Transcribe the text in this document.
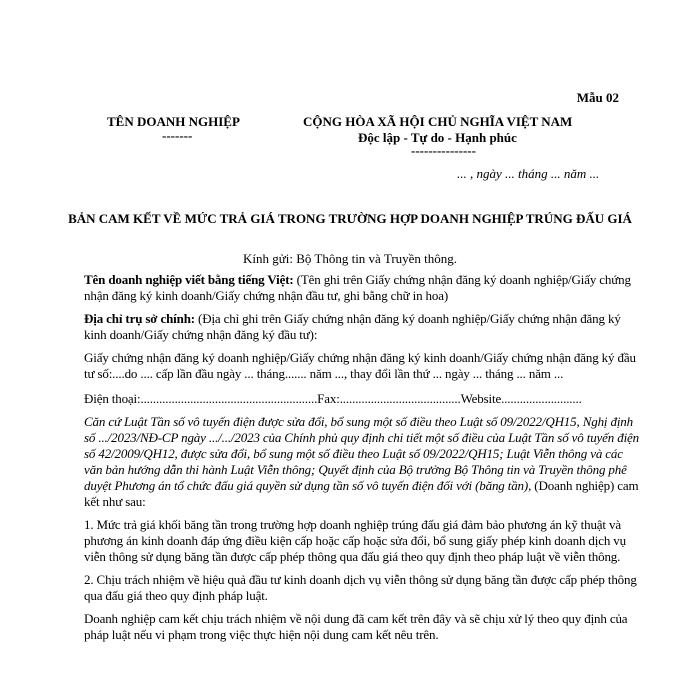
Mẫu 02
TÊN DOANH NGHIỆP
-------
CỘNG HÒA XÃ HỘI CHỦ NGHĨA VIỆT NAM
Độc lập - Tự do - Hạnh phúc
---------------
... , ngày ... tháng ... năm ...
BẢN CAM KẾT VỀ MỨC TRẢ GIÁ TRONG TRƯỜNG HỢP DOANH NGHIỆP TRÚNG ĐẤU GIÁ
Kính gửi: Bộ Thông tin và Truyền thông.

Tên doanh nghiệp viết bằng tiếng Việt: (Tên ghi trên Giấy chứng nhận đăng ký doanh nghiệp/Giấy chứng nhận đăng ký kinh doanh/Giấy chứng nhận đầu tư, ghi bằng chữ in hoa)

Địa chỉ trụ sở chính: (Địa chỉ ghi trên Giấy chứng nhận đăng ký doanh nghiệp/Giấy chứng nhận đăng ký kinh doanh/Giấy chứng nhận đăng ký đầu tư):

Giấy chứng nhận đăng ký doanh nghiệp/Giấy chứng nhận đăng ký kinh doanh/Giấy chứng nhận đăng ký đầu tư số:....do .... cấp lần đầu ngày ... tháng....... năm ..., thay đổi lần thứ ... ngày ... tháng ... năm ...

Điện thoại:.........................................................Fax:.......................................Website..........................

Căn cứ Luật Tần số vô tuyến điện được sửa đổi, bổ sung một số điều theo Luật số 09/2022/QH15, Nghị định số .../2023/NĐ-CP ngày .../.../2023 của Chính phủ quy định chi tiết một số điều của Luật Tần số vô tuyến điện số 42/2009/QH12, được sửa đổi, bổ sung một số điều theo Luật số 09/2022/QH15; Luật Viễn thông và các văn bản hướng dẫn thi hành Luật Viễn thông; Quyết định của Bộ trưởng Bộ Thông tin và Truyền thông phê duyệt Phương án tổ chức đấu giá quyền sử dụng tần số vô tuyến điện đối với (băng tần), (Doanh nghiệp) cam kết như sau:

1. Mức trả giá khối băng tần trong trường hợp doanh nghiệp trúng đấu giá đảm bảo phương án kỹ thuật và phương án kinh doanh đáp ứng điều kiện cấp hoặc cấp hoặc sửa đổi, bổ sung giấy phép kinh doanh dịch vụ viễn thông sử dụng băng tần được cấp phép thông qua đấu giá theo quy định theo pháp luật về viễn thông.

2. Chịu trách nhiệm về hiệu quả đầu tư kinh doanh dịch vụ viễn thông sử dụng băng tần được cấp phép thông qua đấu giá theo quy định pháp luật.

Doanh nghiệp cam kết chịu trách nhiệm về nội dung đã cam kết trên đây và sẽ chịu xử lý theo quy định của pháp luật nếu vi phạm trong việc thực hiện nội dung cam kết nêu trên.
